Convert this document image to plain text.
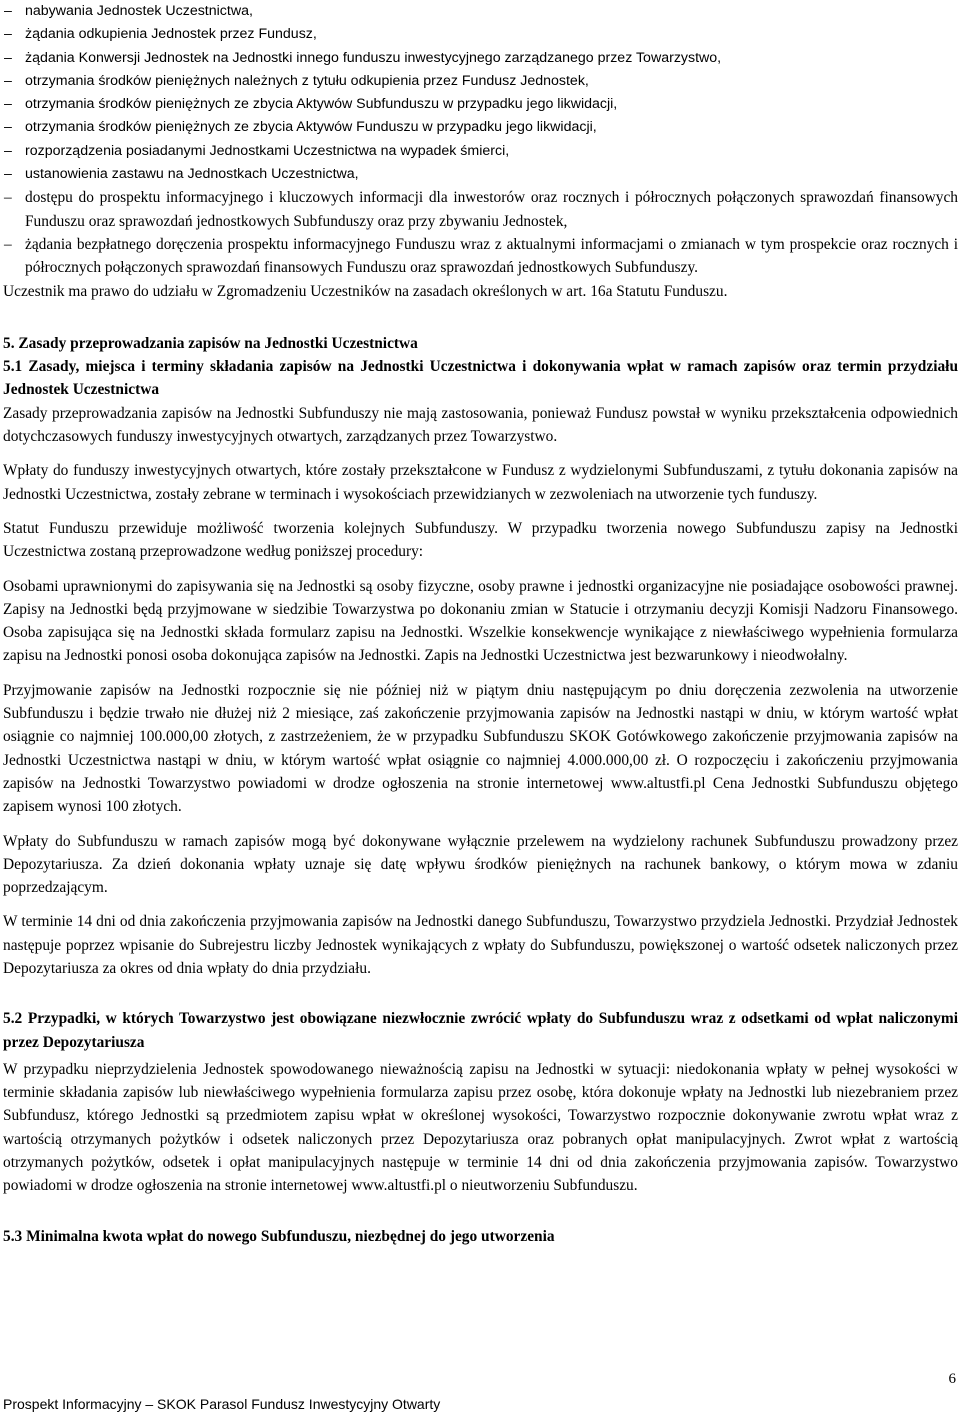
– nabywania Jednostek Uczestnictwa,
– żądania odkupienia Jednostek przez Fundusz,
– żądania Konwersji Jednostek na Jednostki innego funduszu inwestycyjnego zarządzanego przez Towarzystwo,
– otrzymania środków pieniężnych należnych z tytułu odkupienia przez Fundusz Jednostek,
– otrzymania środków pieniężnych ze zbycia Aktywów Subfunduszu w przypadku jego likwidacji,
– otrzymania środków pieniężnych ze zbycia Aktywów Funduszu w przypadku jego likwidacji,
– rozporządzenia posiadanymi Jednostkami Uczestnictwa na wypadek śmierci,
– ustanowienia zastawu na Jednostkach Uczestnictwa,
– dostępu do prospektu informacyjnego i kluczowych informacji dla inwestorów oraz rocznych i półrocznych połączonych sprawozdań finansowych Funduszu oraz sprawozdań jednostkowych Subfunduszy oraz przy zbywaniu Jednostek,
– żądania bezpłatnego doręczenia prospektu informacyjnego Funduszu wraz z aktualnymi informacjami o zmianach w tym prospekcie oraz rocznych i półrocznych połączonych sprawozdań finansowych Funduszu oraz sprawozdań jednostkowych Subfunduszy.

Uczestnik ma prawo do udziału w Zgromadzeniu Uczestników na zasadach określonych w art. 16a Statutu Funduszu.

5. Zasady przeprowadzania zapisów na Jednostki Uczestnictwa
5.1 Zasady, miejsca i terminy składania zapisów na Jednostki Uczestnictwa i dokonywania wpłat w ramach zapisów oraz termin przydziału Jednostek Uczestnictwa

Zasady przeprowadzania zapisów na Jednostki Subfunduszy nie mają zastosowania, ponieważ Fundusz powstał w wyniku przekształcenia odpowiednich dotychczasowych funduszy inwestycyjnych otwartych, zarządzanych przez Towarzystwo.

Wpłaty do funduszy inwestycyjnych otwartych, które zostały przekształcone w Fundusz z wydzielonymi Subfunduszami, z tytułu dokonania zapisów na Jednostki Uczestnictwa, zostały zebrane w terminach i wysokościach przewidzianych w zezwoleniach na utworzenie tych funduszy.

Statut Funduszu przewiduje możliwość tworzenia kolejnych Subfunduszy. W przypadku tworzenia nowego Subfunduszu zapisy na Jednostki Uczestnictwa zostaną przeprowadzone według poniższej procedury:

Osobami uprawnionymi do zapisywania się na Jednostki są osoby fizyczne, osoby prawne i jednostki organizacyjne nie posiadające osobowości prawnej. Zapisy na Jednostki będą przyjmowane w siedzibie Towarzystwa po dokonaniu zmian w Statucie i otrzymaniu decyzji Komisji Nadzoru Finansowego. Osoba zapisująca się na Jednostki składa formularz zapisu na Jednostki. Wszelkie konsekwencje wynikające z niewłaściwego wypełnienia formularza zapisu na Jednostki ponosi osoba dokonująca zapisów na Jednostki. Zapis na Jednostki Uczestnictwa jest bezwarunkowy i nieodwołalny.

Przyjmowanie zapisów na Jednostki rozpocznie się nie później niż w piątym dniu następującym po dniu doręczenia zezwolenia na utworzenie Subfunduszu i będzie trwało nie dłużej niż 2 miesiące, zaś zakończenie przyjmowania zapisów na Jednostki nastąpi w dniu, w którym wartość wpłat osiągnie co najmniej 100.000,00 złotych, z zastrzeżeniem, że w przypadku Subfunduszu SKOK Gotówkowego zakończenie przyjmowania zapisów na Jednostki Uczestnictwa nastąpi w dniu, w którym wartość wpłat osiągnie co najmniej 4.000.000,00 zł. O rozpoczęciu i zakończeniu przyjmowania zapisów na Jednostki Towarzystwo powiadomi w drodze ogłoszenia na stronie internetowej www.altustfi.pl Cena Jednostki Subfunduszu objętego zapisem wynosi 100 złotych.

Wpłaty do Subfunduszu w ramach zapisów mogą być dokonywane wyłącznie przelewem na wydzielony rachunek Subfunduszu prowadzony przez Depozytariusza. Za dzień dokonania wpłaty uznaje się datę wpływu środków pieniężnych na rachunek bankowy, o którym mowa w zdaniu poprzedzającym.

W terminie 14 dni od dnia zakończenia przyjmowania zapisów na Jednostki danego Subfunduszu, Towarzystwo przydziela Jednostki. Przydział Jednostek następuje poprzez wpisanie do Subrejestru liczby Jednostek wynikających z wpłaty do Subfunduszu, powiększonej o wartość odsetek naliczonych przez Depozytariusza za okres od dnia wpłaty do dnia przydziału.

5.2 Przypadki, w których Towarzystwo jest obowiązane niezwłocznie zwrócić wpłaty do Subfunduszu wraz z odsetkami od wpłat naliczonymi przez Depozytariusza

W przypadku nieprzydzielenia Jednostek spowodowanego nieważnością zapisu na Jednostki w sytuacji: niedokonania wpłaty w pełnej wysokości w terminie składania zapisów lub niewłaściwego wypełnienia formularza zapisu przez osobę, która dokonuje wpłaty na Jednostki lub niezebraniem przez Subfundusz, którego Jednostki są przedmiotem zapisu wpłat w określonej wysokości, Towarzystwo rozpocznie dokonywanie zwrotu wpłat wraz z wartością otrzymanych pożytków i odsetek naliczonych przez Depozytariusza oraz pobranych opłat manipulacyjnych. Zwrot wpłat z wartością otrzymanych pożytków, odsetek i opłat manipulacyjnych następuje w terminie 14 dni od dnia zakończenia przyjmowania zapisów. Towarzystwo powiadomi w drodze ogłoszenia na stronie internetowej www.altustfi.pl o nieutworzeniu Subfunduszu.

5.3 Minimalna kwota wpłat do nowego Subfunduszu, niezbędnej do jego utworzenia
6
Prospekt Informacyjny – SKOK Parasol Fundusz Inwestycyjny Otwarty
